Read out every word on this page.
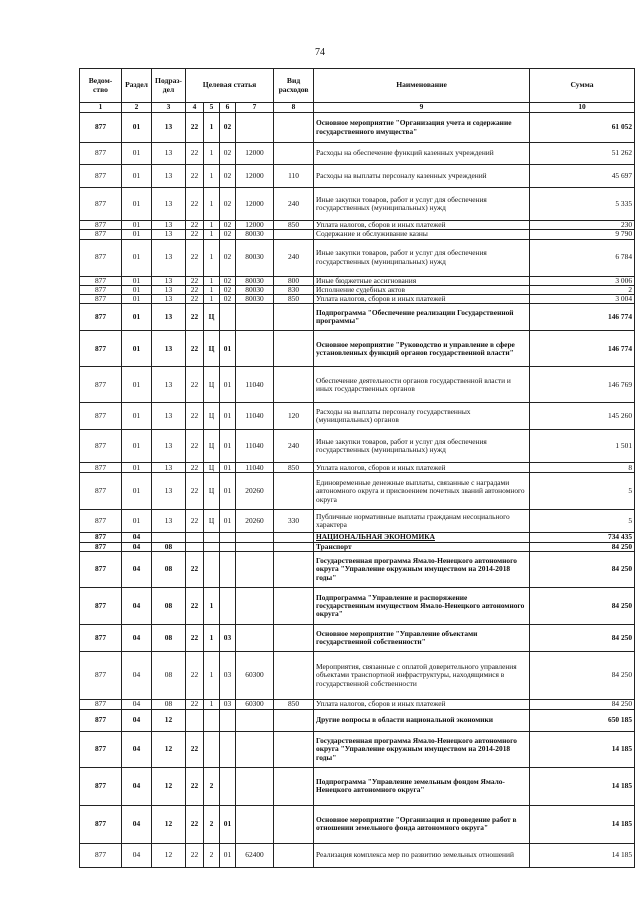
74
Ведом-ство	Раздел	Подраз-дел	Целевая статья				Вид расходов	Наименование	Сумма
1	2	3	4	5	6	7	8	9	10
877	01	13	22	1	02			Основное мероприятие "Организация учета и содержание государственного имущества"	61 052
877	01	13	22	1	02	12000		Расходы на обеспечение функций казенных учреждений	51 262
877	01	13	22	1	02	12000	110	Расходы на выплаты персоналу казенных учреждений	45 697
877	01	13	22	1	02	12000	240	Иные закупки товаров, работ и услуг для обеспечения государственных (муниципальных) нужд	5 335
877	01	13	22	1	02	12000	850	Уплата налогов, сборов и иных платежей	230
877	01	13	22	1	02	80030		Содержание и обслуживание казны	9 790
877	01	13	22	1	02	80030	240	Иные закупки товаров, работ и услуг для обеспечения государственных (муниципальных) нужд	6 784
877	01	13	22	1	02	80030	800	Иные бюджетные ассигнования	3 006
877	01	13	22	1	02	80030	830	Исполнение судебных актов	2
877	01	13	22	1	02	80030	850	Уплата налогов, сборов и иных платежей	3 004
877	01	13	22	Ц				Подпрограмма "Обеспечение реализации Государственной программы"	146 774
877	01	13	22	Ц	01			Основное мероприятие "Руководство и управление в сфере установленных функций органов государственной власти"	146 774
877	01	13	22	Ц	01	11040		Обеспечение деятельности органов государственной власти и иных государственных органов	146 769
877	01	13	22	Ц	01	11040	120	Расходы на выплаты персоналу государственных (муниципальных) органов	145 260
877	01	13	22	Ц	01	11040	240	Иные закупки товаров, работ и услуг для обеспечения государственных (муниципальных) нужд	1 501
877	01	13	22	Ц	01	11040	850	Уплата налогов, сборов и иных платежей	8
877	01	13	22	Ц	01	20260		Единовременные денежные выплаты, связанные с наградами автономного округа и присвоением почетных званий автономного округа	5
877	01	13	22	Ц	01	20260	330	Публичные нормативные выплаты гражданам несоциального характера	5
877	04							НАЦИОНАЛЬНАЯ ЭКОНОМИКА	734 435
877	04	08						Транспорт	84 250
877	04	08	22					Государственная программа Ямало-Ненецкого автономного округа "Управление окружным имуществом на 2014-2018 годы"	84 250
877	04	08	22	1				Подпрограмма "Управление и распоряжение государственным имуществом Ямало-Ненецкого автономного округа"	84 250
877	04	08	22	1	03			Основное мероприятие "Управление объектами государственной собственности"	84 250
877	04	08	22	1	03	60300		Мероприятия, связанные с оплатой доверительного управления объектами транспортной инфраструктуры, находящимися в государственной собственности	84 250
877	04	08	22	1	03	60300	850	Уплата налогов, сборов и иных платежей	84 250
877	04	12						Другие вопросы в области национальной экономики	650 185
877	04	12	22					Государственная программа Ямало-Ненецкого автономного округа "Управление окружным имуществом на 2014-2018 годы"	14 185
877	04	12	22	2				Подпрограмма "Управление земельным фондом Ямало-Ненецкого автономного округа"	14 185
877	04	12	22	2	01			Основное мероприятие "Организация и проведение работ в отношении земельного фонда автономного округа"	14 185
877	04	12	22	2	01	62400		Реализация комплекса мер по развитию земельных отношений	14 185
